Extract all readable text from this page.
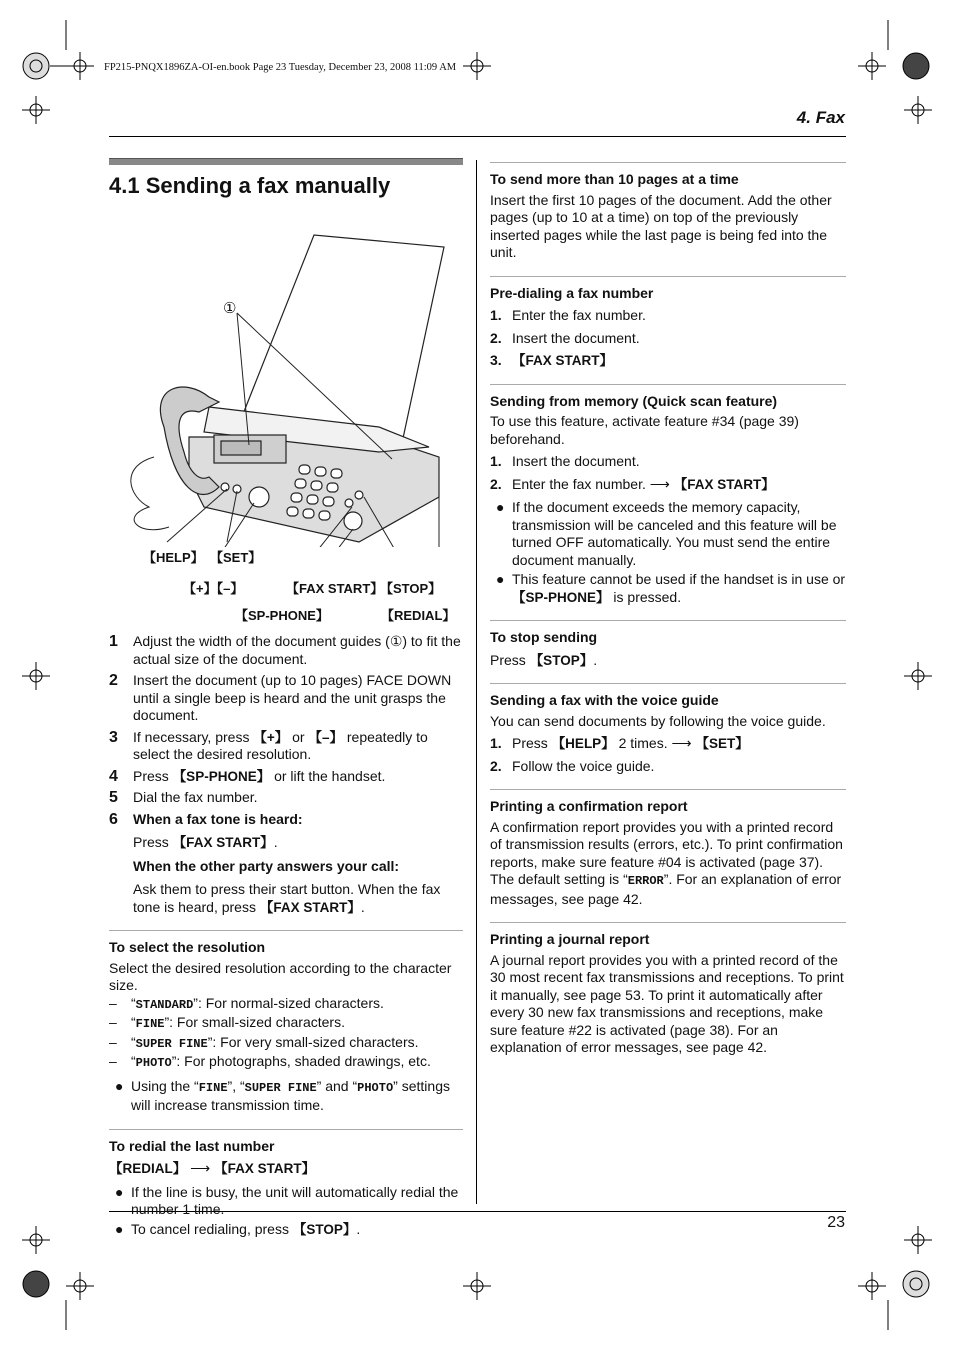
FP215-PNQX1896ZA-OI-en.book Page 23 Tuesday, December 23, 2008 11:09 AM
4. Fax
23
4.1 Sending a fax manually
①
【HELP】 【SET】
【+】【–】	【FAX START】
【STOP】
【SP-PHONE】	【REDIAL】
1	Adjust the width of the document guides (①) to fit the actual size of the document.
2	Insert the document (up to 10 pages) FACE DOWN until a single beep is heard and the unit grasps the document.
3	If necessary, press 【+】 or 【–】 repeatedly to select the desired resolution.
4	Press 【SP-PHONE】 or lift the handset.
5	Dial the fax number.
6	When a fax tone is heard:
Press 【FAX START】.
When the other party answers your call:
Ask them to press their start button. When the fax tone is heard, press 【FAX START】.
To select the resolution

Select the desired resolution according to the character size.

–	“STANDARD”: For normal-sized characters.
–	“FINE”: For small-sized characters.
–	“SUPER FINE”: For very small-sized characters.
–	“PHOTO”: For photographs, shaded drawings, etc.
● Using the “FINE”, “SUPER FINE” and “PHOTO” settings will increase transmission time.
To redial the last number

【REDIAL】 ⟶ 【FAX START】

● If the line is busy, the unit will automatically redial the number 1 time.
● To cancel redialing, press 【STOP】.
To send more than 10 pages at a time

Insert the first 10 pages of the document. Add the other pages (up to 10 at a time) on top of the previously inserted pages while the last page is being fed into the unit.

Pre-dialing a fax number
1. Enter the fax number.
2. Insert the document.
3. 【FAX START】
Sending from memory (Quick scan feature)

To use this feature, activate feature #34 (page 39) beforehand.

1. Insert the document.
2. Enter the fax number. ⟶ 【FAX START】
● If the document exceeds the memory capacity, transmission will be canceled and this feature will be turned OFF automatically. You must send the entire document manually.
● This feature cannot be used if the handset is in use or 【SP-PHONE】 is pressed.
To stop sending

Press 【STOP】.

Sending a fax with the voice guide

You can send documents by following the voice guide.

1. Press 【HELP】 2 times. ⟶ 【SET】
2. Follow the voice guide.
Printing a confirmation report

A confirmation report provides you with a printed record of transmission results (errors, etc.). To print confirmation reports, make sure feature #04 is activated (page 37). The default setting is “ERROR”. For an explanation of error messages, see page 42.

Printing a journal report

A journal report provides you with a printed record of the 30 most recent fax transmissions and receptions. To print it manually, see page 53. To print it automatically after every 30 new fax transmissions and receptions, make sure feature #22 is activated (page 38). For an explanation of error messages, see page 42.
